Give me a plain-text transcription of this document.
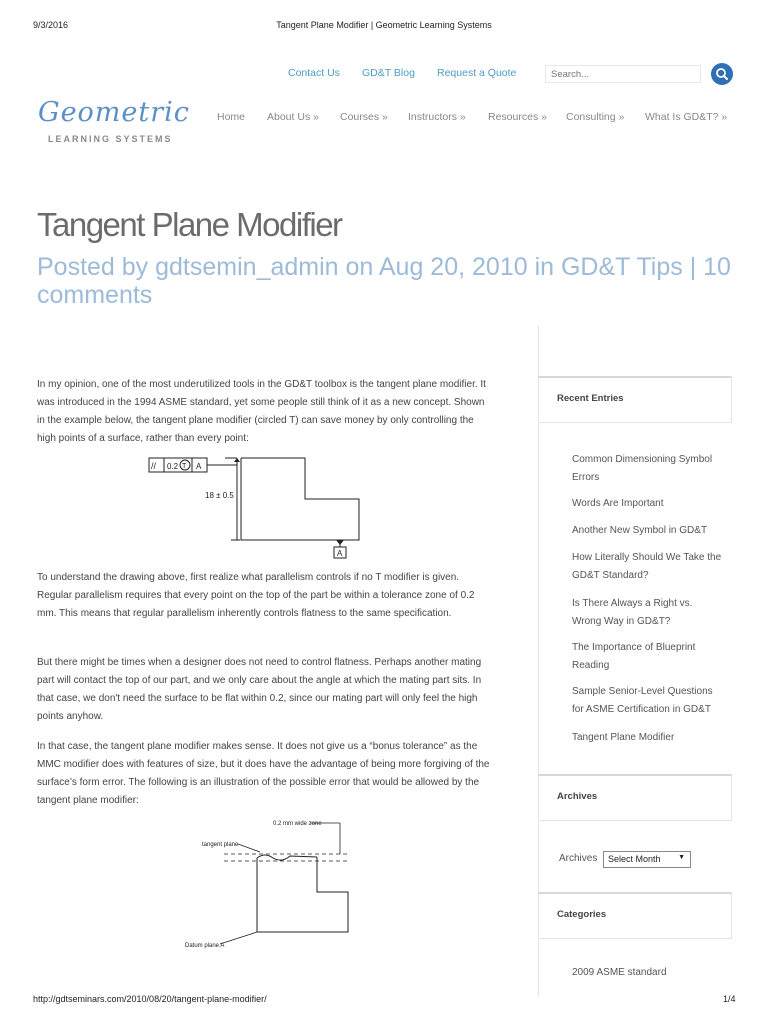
9/3/2016	Tangent Plane Modifier | Geometric Learning Systems
Contact Us GD&T Blog Request a Quote
Search...
Geometric
LEARNING SYSTEMS
Home About Us » Courses » Instructors » Resources » Consulting » What Is GD&T? »
Tangent Plane Modifier
Posted by gdtsemin_admin on Aug 20, 2010 in GD&T Tips | 10 comments
In my opinion, one of the most underutilized tools in the GD&T toolbox is the tangent plane modifier. It was introduced in the 1994 ASME standard, yet some people still think of it as a new concept. Shown in the example below, the tangent plane modifier (circled T) can save money by only controlling the high points of a surface, rather than every point:
// 0.2 T A
18 ± 0.5
A
To understand the drawing above, first realize what parallelism controls if no T modifier is given. Regular parallelism requires that every point on the top of the part be within a tolerance zone of 0.2 mm. This means that regular parallelism inherently controls flatness to the same specification.
But there might be times when a designer does not need to control flatness. Perhaps another mating part will contact the top of our part, and we only care about the angle at which the mating part sits. In that case, we don't need the surface to be flat within 0.2, since our mating part will only feel the high points anyhow.
In that case, the tangent plane modifier makes sense. It does not give us a “bonus tolerance” as the MMC modifier does with features of size, but it does have the advantage of being more forgiving of the surface’s form error. The following is an illustration of the possible error that would be allowed by the tangent plane modifier:
0.2 mm wide zone
tangent plane
Datum plane A
Recent Entries
Common Dimensioning Symbol Errors
Words Are Important
Another New Symbol in GD&T
How Literally Should We Take the GD&T Standard?
Is There Always a Right vs. Wrong Way in GD&T?
The Importance of Blueprint Reading
Sample Senior-Level Questions for ASME Certification in GD&T
Tangent Plane Modifier
Archives
Archives	Select Month	▼
Categories
2009 ASME standard
http://gdtseminars.com/2010/08/20/tangent-plane-modifier/	1/4
